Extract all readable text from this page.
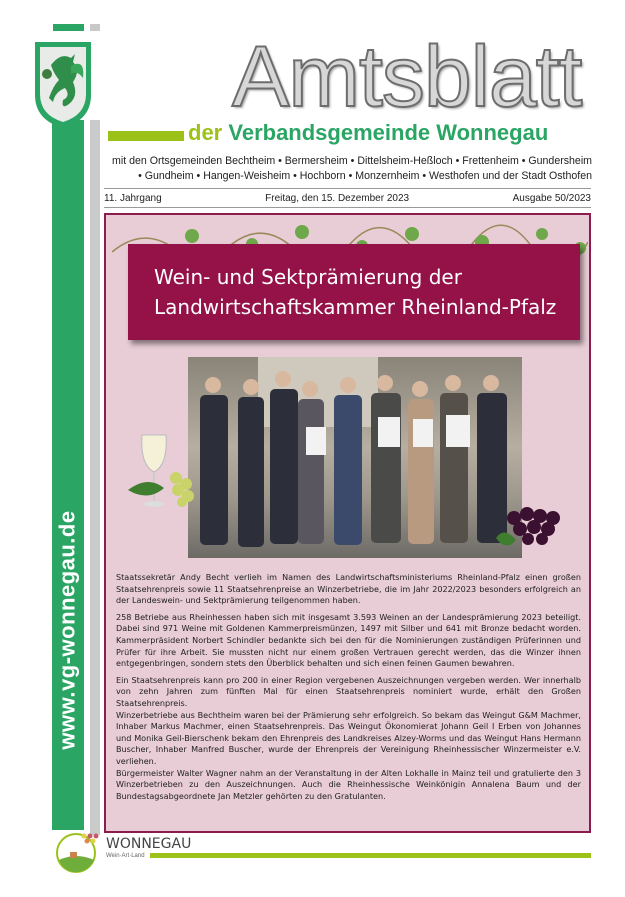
www.vg-wonnegau.de
Amtsblatt
der Verbandsgemeinde Wonnegau
mit den Ortsgemeinden Bechtheim • Bermersheim • Dittelsheim-Heßloch • Frettenheim • Gundersheim • Gundheim • Hangen-Weisheim • Hochborn • Monzernheim • Westhofen und der Stadt Osthofen
11. Jahrgang	Freitag, den 15. Dezember 2023	Ausgabe 50/2023
Wein- und Sektprämierung der
Landwirtschaftskammer Rheinland-Pfalz

Staatssekretär Andy Becht verlieh im Namen des Landwirtschaftsministeriums Rheinland-Pfalz einen großen Staatsehrenpreis sowie 11 Staatsehrenpreise an Winzerbetriebe, die im Jahr 2022/2023 besonders erfolgreich an der Landeswein- und Sektprämierung teilgenommen haben.

258 Betriebe aus Rheinhessen haben sich mit insgesamt 3.593 Weinen an der Landesprämierung 2023 beteiligt. Dabei sind 971 Weine mit Goldenen Kammerpreismünzen, 1497 mit Silber und 641 mit Bronze bedacht worden. Kammerpräsident Norbert Schindler bedankte sich bei den für die Nominierungen zuständigen Prüferinnen und Prüfer für ihre Arbeit. Sie mussten nicht nur einem großen Vertrauen gerecht werden, das die Winzer ihnen entgegenbringen, sondern stets den Überblick behalten und sich einen feinen Gaumen bewahren.

Ein Staatsehrenpreis kann pro 200 in einer Region vergebenen Auszeichnungen vergeben werden. Wer innerhalb von zehn Jahren zum fünften Mal für einen Staatsehrenpreis nominiert wurde, erhält den Großen Staatsehrenpreis.

Winzerbetriebe aus Bechtheim waren bei der Prämierung sehr erfolgreich. So bekam das Weingut G&M Machmer, Inhaber Markus Machmer, einen Staatsehrenpreis. Das Weingut Ökonomierat Johann Geil I Erben von Johannes und Monika Geil-Bierschenk bekam den Ehrenpreis des Landkreises Alzey-Worms und das Weingut Hans Hermann Buscher, Inhaber Manfred Buscher, wurde der Ehrenpreis der Vereinigung Rheinhessischer Winzermeister e.V. verliehen.

Bürgermeister Walter Wagner nahm an der Veranstaltung in der Alten Lokhalle in Mainz teil und gratulierte den 3 Winzerbetrieben zu den Auszeichnungen. Auch die Rheinhessische Weinkönigin Annalena Baum und der Bundestagsabgeordnete Jan Metzler gehörten zu den Gratulanten.

WONNEGAU
Wein·Art·Land
